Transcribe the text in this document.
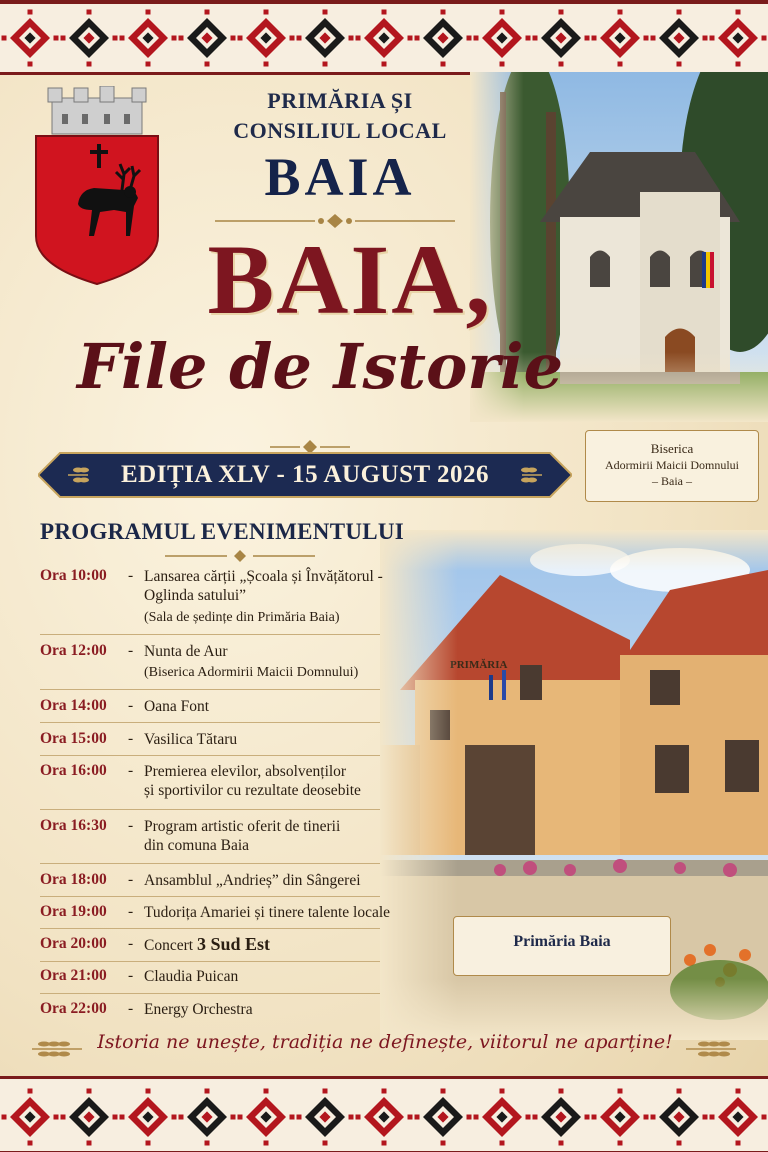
PRIMĂRIA ȘI
CONSILIUL LOCAL
BAIA
BAIA,
File de Istorie
EDIȚIA XLV - 15 AUGUST 2026
Biserica
Adormirii Maicii Domnului
– Baia –
PROGRAMUL EVENIMENTULUI
Ora 10:00	- Lansarea cărții „Școala și Învățătorul -
Oglinda satului”
(Sala de ședințe din Primăria Baia)
Ora 12:00	- Nunta de Aur
(Biserica Adormirii Maicii Domnului)
Ora 14:00	- Oana Font
Ora 15:00	- Vasilica Tătaru
Ora 16:00	- Premierea elevilor, absolvenților
și sportivilor cu rezultate deosebite
Ora 16:30	- Program artistic oferit de tinerii
din comuna Baia
Ora 18:00	- Ansamblul „Andrieș” din Sângerei
Ora 19:00	- Tudorița Amariei și tinere talente locale
Ora 20:00	- Concert 3 Sud Est
Ora 21:00	- Claudia Puican
Ora 22:00	- Energy Orchestra
Primăria Baia
Istoria ne unește, tradiția ne definește, viitorul ne aparține!
